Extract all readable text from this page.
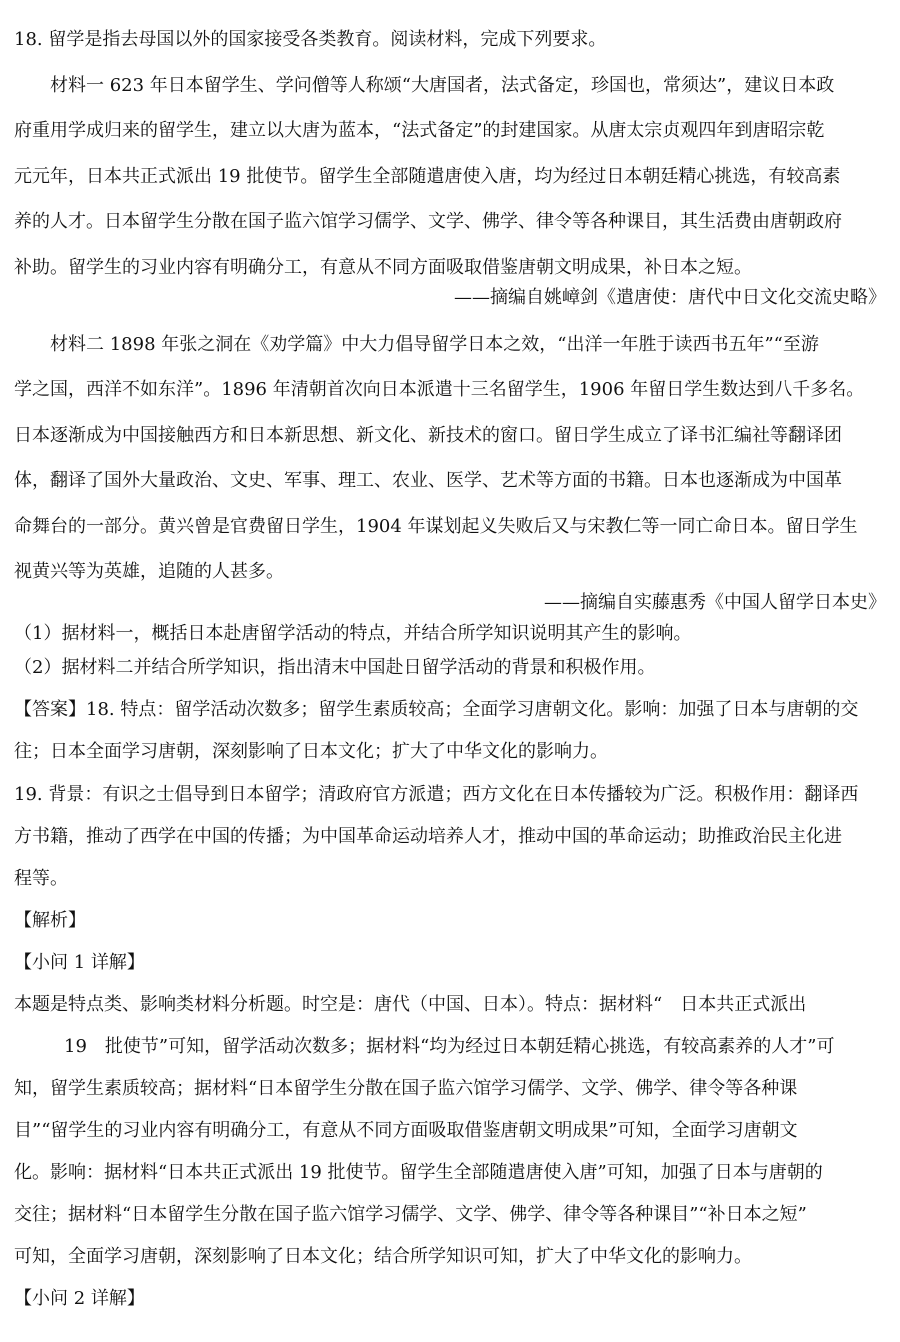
18. 留学是指去母国以外的国家接受各类教育。阅读材料，完成下列要求。
材料一 623 年日本留学生、学问僧等人称颂“大唐国者，法式备定，珍国也，常须达”，建议日本政
府重用学成归来的留学生，建立以大唐为蓝本，“法式备定”的封建国家。从唐太宗贞观四年到唐昭宗乾
元元年，日本共正式派出 19 批使节。留学生全部随遣唐使入唐，均为经过日本朝廷精心挑选，有较高素
养的人才。日本留学生分散在国子监六馆学习儒学、文学、佛学、律令等各种课目，其生活费由唐朝政府
补助。留学生的习业内容有明确分工，有意从不同方面吸取借鉴唐朝文明成果，补日本之短。
——摘编自姚嶂剑《遣唐使：唐代中日文化交流史略》
材料二 1898 年张之洞在《劝学篇》中大力倡导留学日本之效，“出洋一年胜于读西书五年”“至游
学之国，西洋不如东洋”。1896 年清朝首次向日本派遣十三名留学生，1906 年留日学生数达到八千多名。
日本逐渐成为中国接触西方和日本新思想、新文化、新技术的窗口。留日学生成立了译书汇编社等翻译团
体，翻译了国外大量政治、文史、军事、理工、农业、医学、艺术等方面的书籍。日本也逐渐成为中国革
命舞台的一部分。黄兴曾是官费留日学生，1904 年谋划起义失败后又与宋教仁等一同亡命日本。留日学生
视黄兴等为英雄，追随的人甚多。
——摘编自实藤惠秀《中国人留学日本史》
（1）据材料一，概括日本赴唐留学活动的特点，并结合所学知识说明其产生的影响。
（2）据材料二并结合所学知识，指出清末中国赴日留学活动的背景和积极作用。
【答案】18. 特点：留学活动次数多；留学生素质较高；全面学习唐朝文化。影响：加强了日本与唐朝的交
往；日本全面学习唐朝，深刻影响了日本文化；扩大了中华文化的影响力。
19. 背景：有识之士倡导到日本留学；清政府官方派遣；西方文化在日本传播较为广泛。积极作用：翻译西
方书籍，推动了西学在中国的传播；为中国革命运动培养人才，推动中国的革命运动；助推政治民主化进
程等。
【解析】
【小问 1 详解】
本题是特点类、影响类材料分析题。时空是：唐代（中国、日本）。特点：据材料“　日本共正式派出
19　批使节”可知，留学活动次数多；据材料“均为经过日本朝廷精心挑选，有较高素养的人才”可
知，留学生素质较高；据材料“日本留学生分散在国子监六馆学习儒学、文学、佛学、律令等各种课
目”“留学生的习业内容有明确分工，有意从不同方面吸取借鉴唐朝文明成果”可知，全面学习唐朝文
化。影响：据材料“日本共正式派出 19 批使节。留学生全部随遣唐使入唐”可知，加强了日本与唐朝的
交往；据材料“日本留学生分散在国子监六馆学习儒学、文学、佛学、律令等各种课目”“补日本之短”
可知，全面学习唐朝，深刻影响了日本文化；结合所学知识可知，扩大了中华文化的影响力。
【小问 2 详解】
